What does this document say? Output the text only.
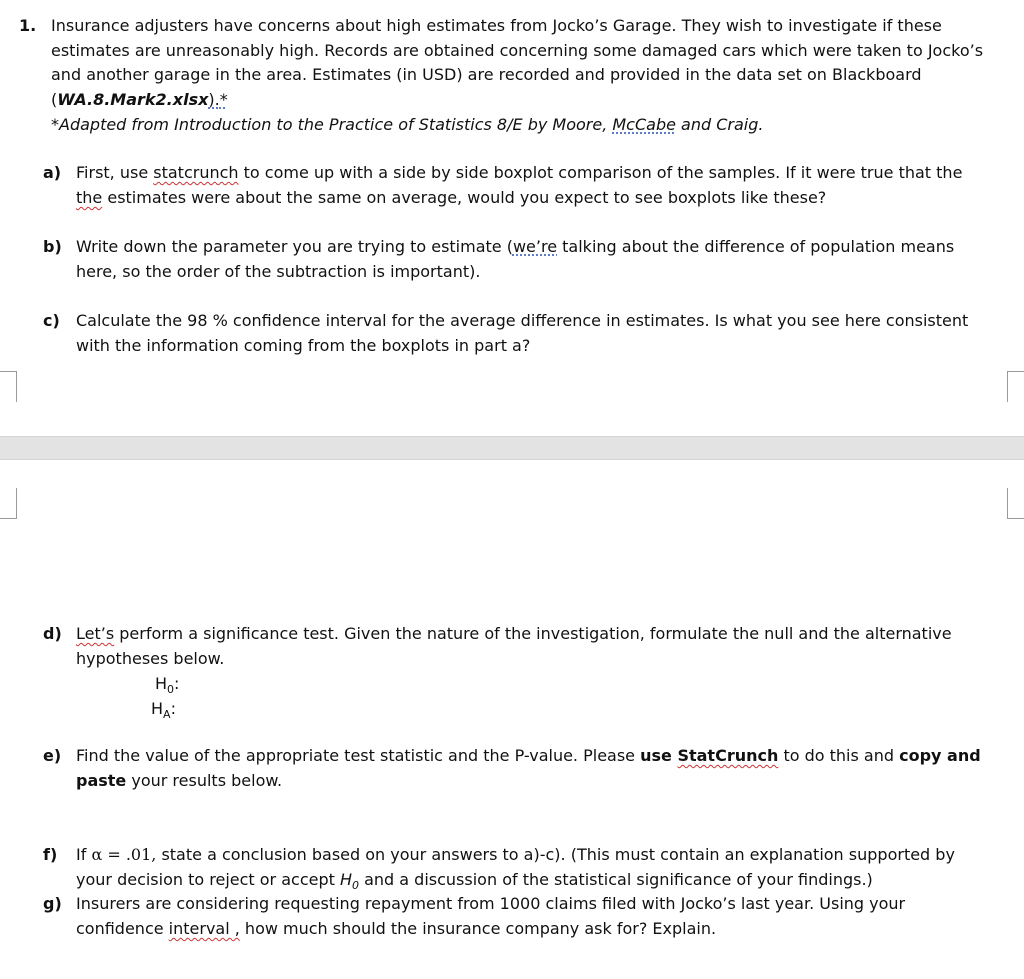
1. Insurance adjusters have concerns about high estimates from Jocko’s Garage. They wish to investigate if these
estimates are unreasonably high. Records are obtained concerning some damaged cars which were taken to Jocko’s
and another garage in the area. Estimates (in USD) are recorded and provided in the data set on Blackboard
(WA.8.Mark2.xlsx).*
*Adapted from Introduction to the Practice of Statistics 8/E by Moore, McCabe and Craig.
a) First, use statcrunch to come up with a side by side boxplot comparison of the samples. If it were true that the
the estimates were about the same on average, would you expect to see boxplots like these?
b) Write down the parameter you are trying to estimate (we’re talking about the difference of population means
here, so the order of the subtraction is important).
c) Calculate the 98 % confidence interval for the average difference in estimates. Is what you see here consistent
with the information coming from the boxplots in part a?
d) Let’s perform a significance test. Given the nature of the investigation, formulate the null and the alternative
hypotheses below.
$H_0$:
$H_A$:
e) Find the value of the appropriate test statistic and the P-value. Please use StatCrunch to do this and copy and
paste your results below.
f) If α = .01, state a conclusion based on your answers to a)-c). (This must contain an explanation supported by
your decision to reject or accept $H_0$ and a discussion of the statistical significance of your findings.)
g) Insurers are considering requesting repayment from 1000 claims filed with Jocko’s last year. Using your
confidence interval , how much should the insurance company ask for? Explain.
